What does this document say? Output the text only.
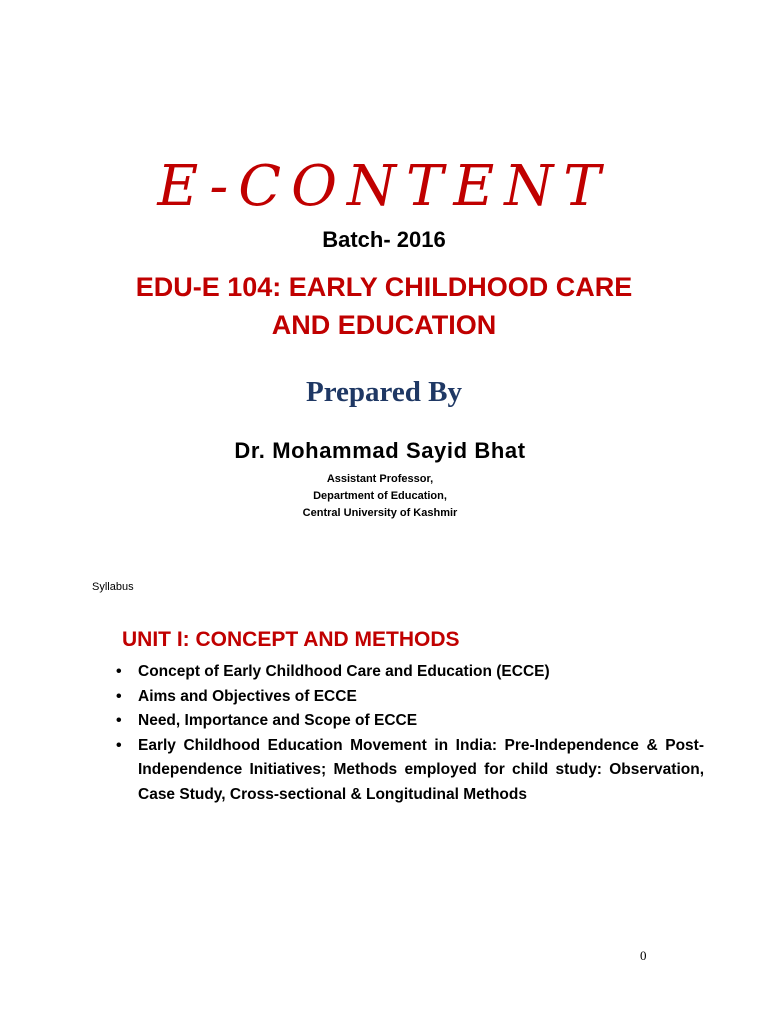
E-CONTENT
Batch- 2016
EDU-E 104: EARLY CHILDHOOD CARE
AND EDUCATION
Prepared By
Dr. Mohammad Sayid Bhat
Assistant Professor,
Department of Education,
Central University of Kashmir
Syllabus
UNIT I: CONCEPT AND METHODS
• Concept of Early Childhood Care and Education (ECCE)
• Aims and Objectives of ECCE
• Need, Importance and Scope of ECCE
• Early Childhood Education Movement in India: Pre-Independence & Post- Independence Initiatives; Methods employed for child study: Observation, Case Study, Cross-sectional & Longitudinal Methods
0
